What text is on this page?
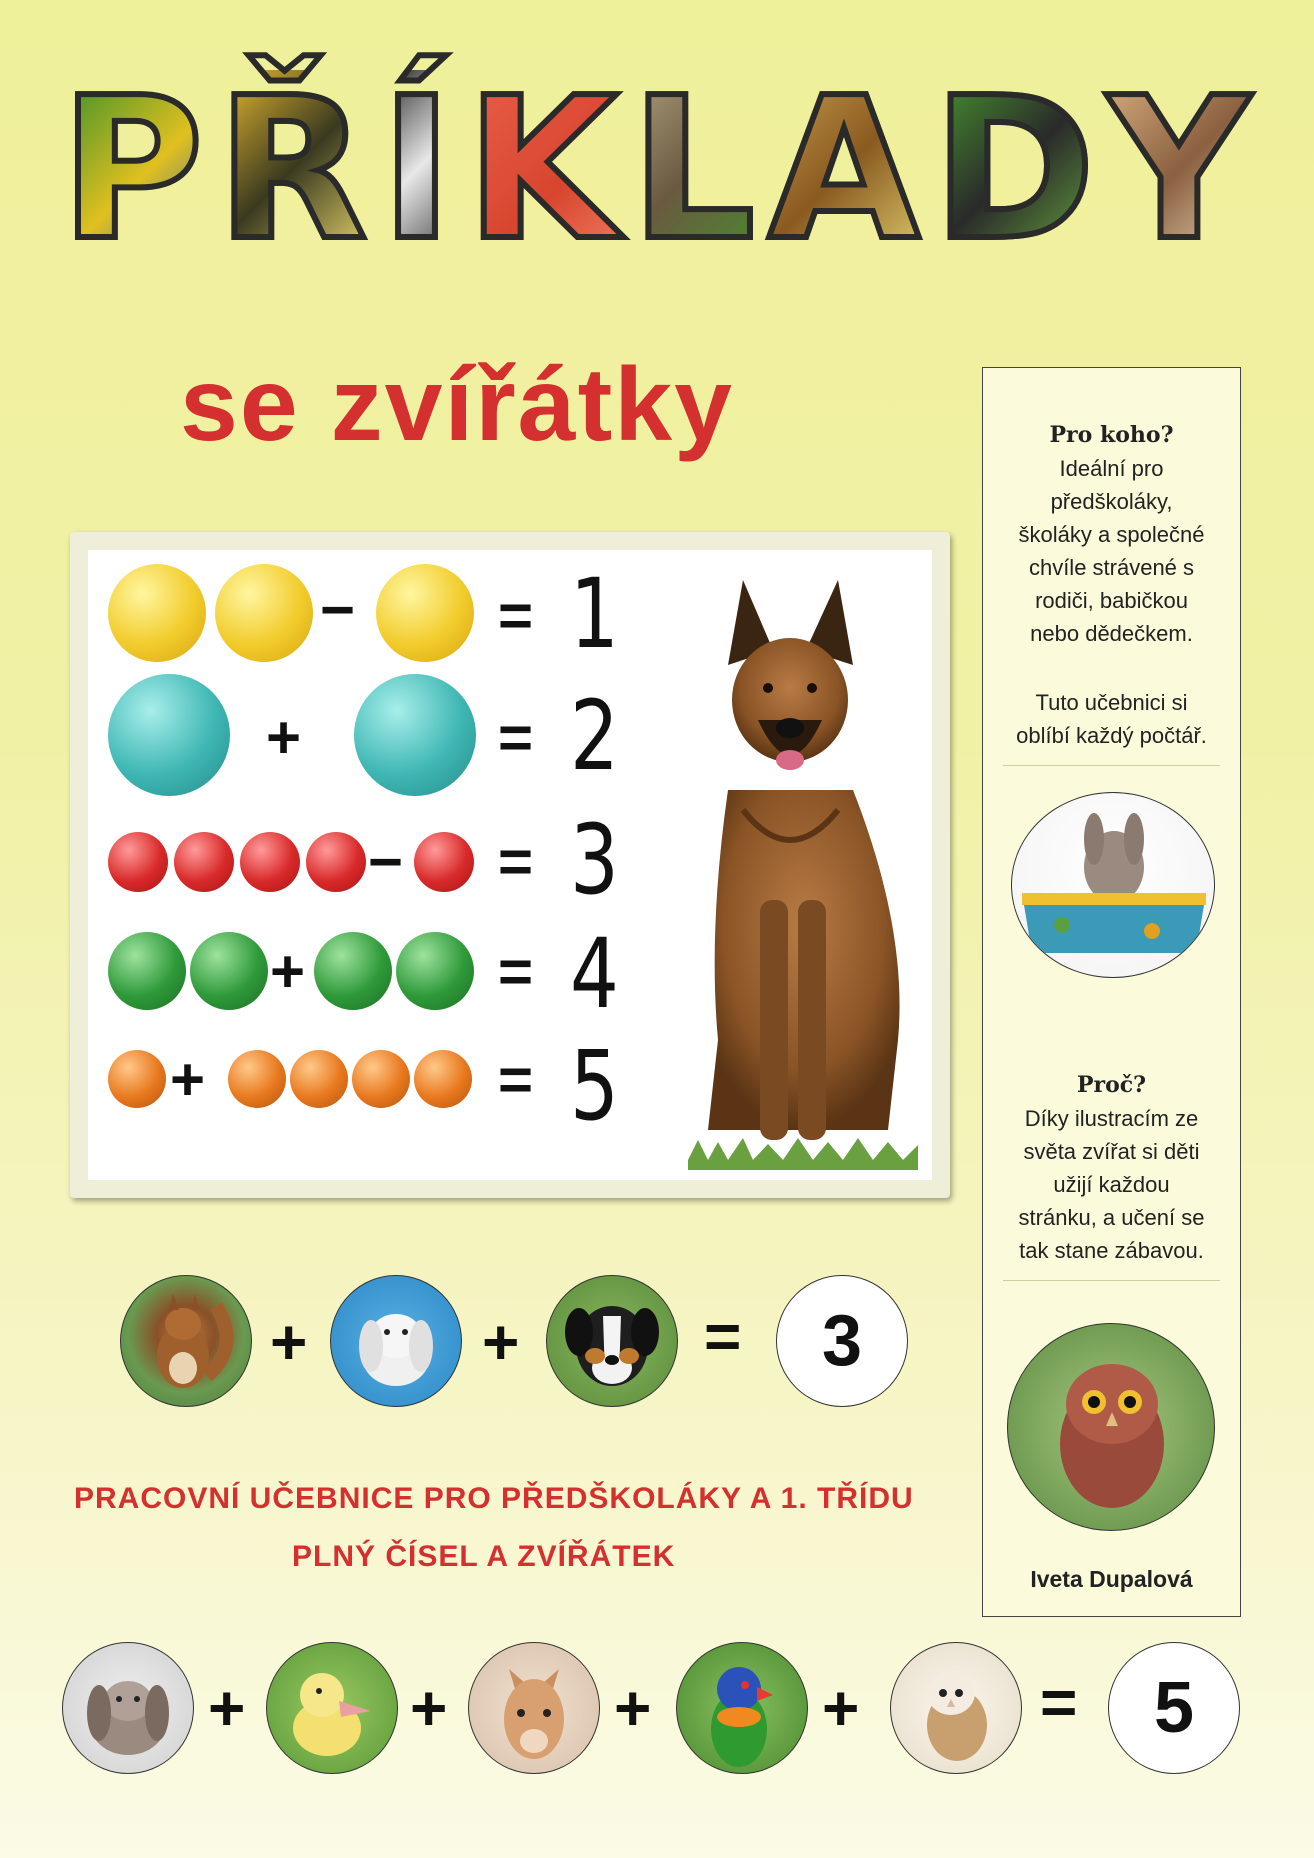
P Ř Í K L A D Y
se zvířátky
− = 1
+	= 2
− = 3
+	= 4
+	= 5
+	+	=	3
PRACOVNÍ UČEBNICE PRO PŘEDŠKOLÁKY A 1. TŘÍDU
PLNÝ ČÍSEL A ZVÍŘÁTEK
+	+	+	+	=	5
Pro koho?
Ideální pro
předškoláky,
školáky a společné
chvíle strávené s
rodiči, babičkou
nebo dědečkem.
Tuto učebnici si
oblíbí každý počtář.
Proč?
Díky ilustracím ze
světa zvířat si děti
užijí každou
stránku, a učení se
tak stane zábavou.
Iveta Dupalová
